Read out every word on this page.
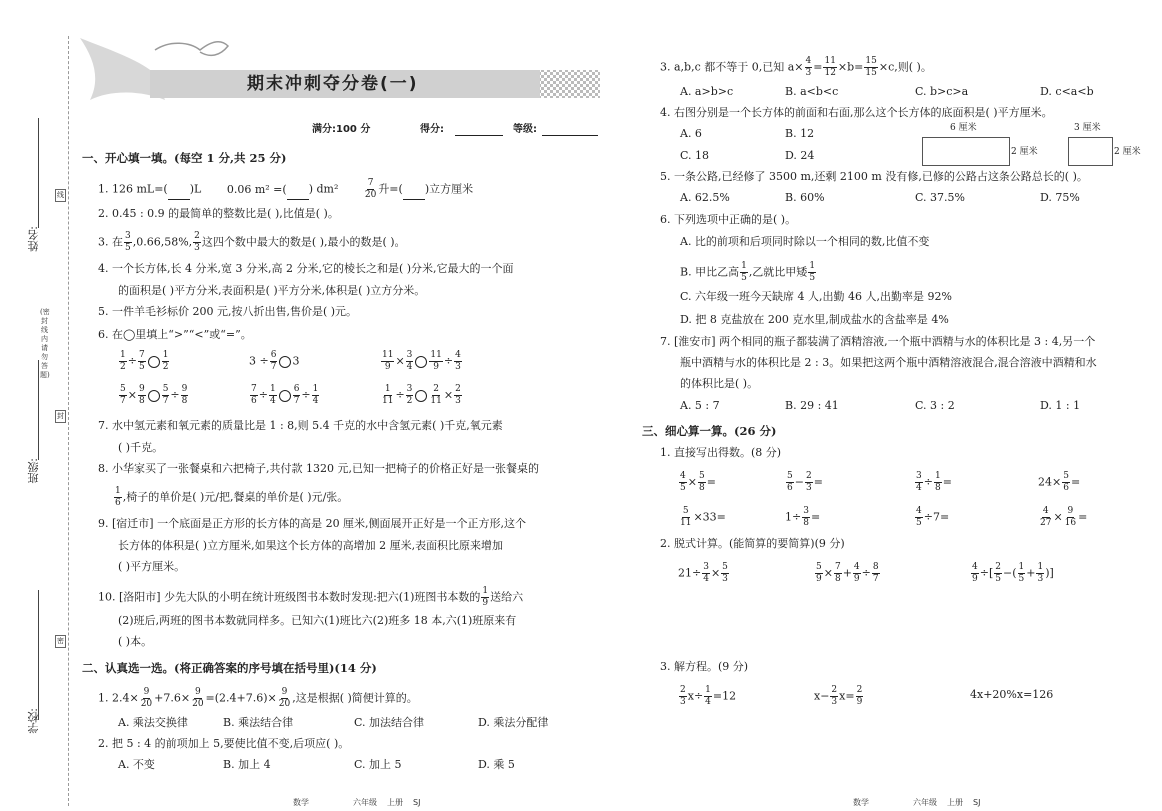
姓名:
班级:
学校:
(密封线内请勿答题)
线
封
密
期末冲刺夺分卷(一)
满分:100 分	得分:	等级:
一、开心填一填。(每空 1 分,共 25 分)
1. 126 mL=( )L 0.06 m² =( ) dm²	$\frac{7}{20}$ 升=( )立方厘米
2. 0.45 : 0.9 的最简单的整数比是( ),比值是( )。
3. 在 $\frac{3}{5} ,0.66,58\%$, $\frac{2}{3}$ 这四个数中最大的数是( ),最小的数是( )。
4. 一个长方体,长 4 分米,宽 3 分米,高 2 分米,它的棱长之和是( )分米,它最大的一个面
的面积是( )平方分米,表面积是( )平方分米,体积是( )立方分米。
5. 一件羊毛衫标价 200 元,按八折出售,售价是( )元。
6. 在◯里填上“>”“<”或“=”。
$\frac{1}{2} \div \frac{7}{5} \frac{1}{2}$	$3 \div \frac{6}{7} 3$	$\frac{11}{9} \times \frac{3}{4} \frac{11}{9} \div \frac{4}{3}$
$\frac{5}{7} \times \frac{9}{8} \frac{5}{7} \div \frac{9}{8}$	$\frac{7}{6} \div \frac{1}{4} \frac{6}{7} \div \frac{1}{4}$	$\frac{1}{11} \div \frac{3}{2} \frac{2}{11} \times \frac{2}{3}$
7. 水中氢元素和氧元素的质量比是 1 : 8,则 5.4 千克的水中含氢元素( )千克,氧元素
( )千克。
8. 小华家买了一张餐桌和六把椅子,共付款 1320 元,已知一把椅子的价格正好是一张餐桌的
$\frac{1}{6}$ ,椅子的单价是( )元/把,餐桌的单价是( )元/张。
9. [宿迁市] 一个底面是正方形的长方体的高是 20 厘米,侧面展开正好是一个正方形,这个
长方体的体积是( )立方厘米,如果这个长方体的高增加 2 厘米,表面积比原来增加
( )平方厘米。
10. [洛阳市] 少先大队的小明在统计班级图书本数时发现:把六(1)班图书本数的 $\frac{1}{9}$ 送给六
(2)班后,两班的图书本数就同样多。已知六(1)班比六(2)班多 18 本,六(1)班原来有
( )本。
二、认真选一选。(将正确答案的序号填在括号里)(14 分)
1. $2.4\times \frac{9}{20} +7.6\times \frac{9}{20} =(2.4+7.6)\times \frac{9}{20}$ ,这是根据( )简便计算的。
A. 乘法交换律	B. 乘法结合律	C. 加法结合律	D. 乘法分配律
2. 把 5 : 4 的前项加上 5,要使比值不变,后项应( )。
A. 不变	B. 加上 4	C. 加上 5	D. 乘 5
数学	六年级 上册 SJ
3. a,b,c 都不等于 0,已知 $a\times \frac{4}{3} = \frac{11}{12} \times b= \frac{15}{15} \times c$,则( )。
A. a>b>c	B. a<b<c	C. b>c>a	D. c<a<b
4. 右图分别是一个长方体的前面和右面,那么这个长方体的底面积是( )平方厘米。
A. 6	B. 12
C. 18	D. 24
6 厘米
2 厘米
3 厘米
2 厘米
5. 一条公路,已经修了 3500 m,还剩 2100 m 没有修,已修的公路占这条公路总长的( )。
A. 62.5%	B. 60%	C. 37.5%	D. 75%
6. 下列选项中正确的是( )。
A. 比的前项和后项同时除以一个相同的数,比值不变
B. 甲比乙高 $\frac{1}{5}$ ,乙就比甲矮 $\frac{1}{5}$
C. 六年级一班今天缺席 4 人,出勤 46 人,出勤率是 92%
D. 把 8 克盐放在 200 克水里,制成盐水的含盐率是 4%
7. [淮安市] 两个相同的瓶子都装满了酒精溶液,一个瓶中酒精与水的体积比是 3 : 4,另一个
瓶中酒精与水的体积比是 2 : 3。如果把这两个瓶中酒精溶液混合,混合溶液中酒精和水
的体积比是( )。
A. 5 : 7	B. 29 : 41	C. 3 : 2	D. 1 : 1
三、细心算一算。(26 分)
1. 直接写出得数。(8 分)
$\frac{4}{5} \times \frac{5}{8}$ =	$\frac{5}{6} - \frac{2}{3}$ =	$\frac{3}{4} \div \frac{1}{8}$ =	$24\times \frac{5}{6}$ =
$\frac{5}{11} \times 33=$	$1\div \frac{3}{8}$ =	$\frac{4}{5} \div 7=$	$\frac{4}{27} \times \frac{9}{16}$ =
2. 脱式计算。(能简算的要简算)(9 分)
$21\div \frac{3}{4} \times \frac{5}{3}$	$\frac{5}{9} \times \frac{7}{8} + \frac{4}{9} \div \frac{8}{7}$	$\frac{4}{9}$ ÷[ $\frac{2}{5}$ −( $\frac{1}{5} + \frac{1}{3}$ )]
3. 解方程。(9 分)
$\frac{2}{3} x\div \frac{1}{4} =12$	$x- \frac{2}{3} x= \frac{2}{9}$	4x+20%x=126
数学	六年级 上册 SJ
